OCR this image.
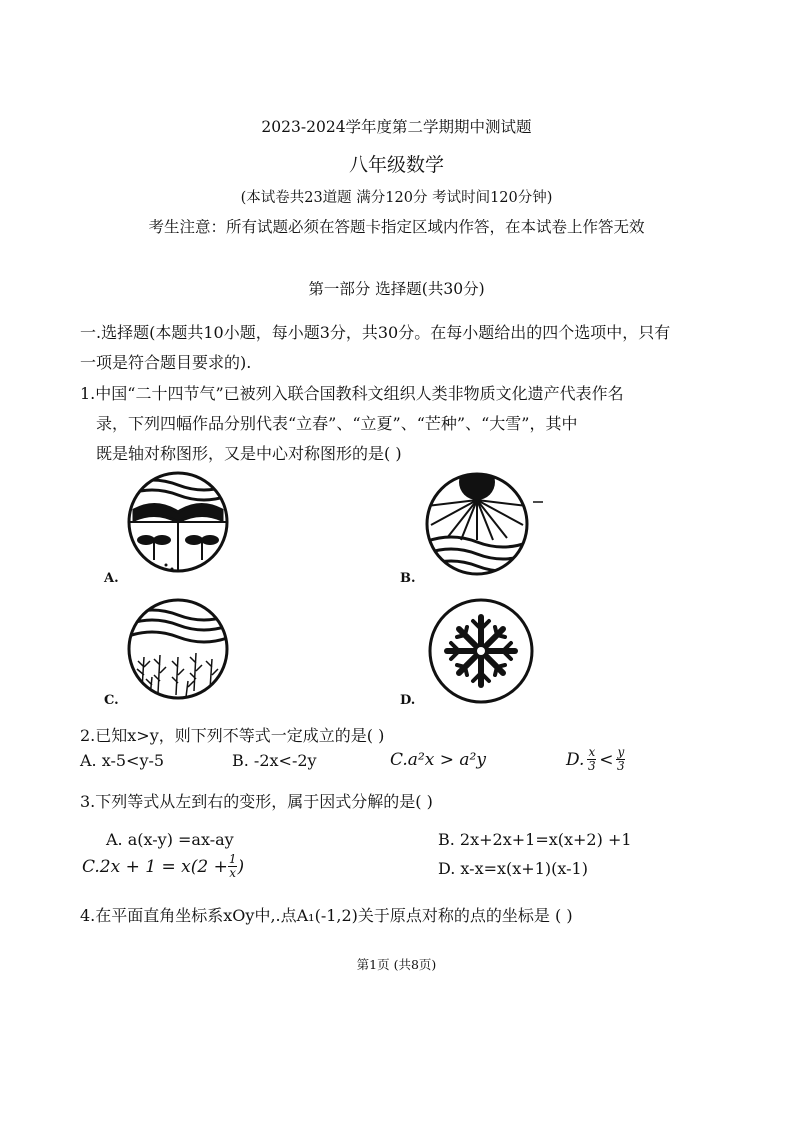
2023-2024学年度第二学期期中测试题
八年级数学
(本试卷共23道题 满分120分 考试时间120分钟)
考生注意：所有试题必须在答题卡指定区域内作答，在本试卷上作答无效
第一部分 选择题(共30分)
一.选择题(本题共10小题，每小题3分，共30分。在每小题给出的四个选项中，只有
一项是符合题目要求的).
1.中国“二十四节气”已被列入联合国教科文组织人类非物质文化遗产代表作名
录，下列四幅作品分别代表“立春”、“立夏”、“芒种”、“大雪”，其中
既是轴对称图形，又是中心对称图形的是( )
A.	B.
C.	D.
2.已知x>y，则下列不等式一定成立的是( )
A. x-5<y-5	B. -2x<-2y	C.a²x > a²y	D. $\frac{x}{3} < \frac{y}{3}$
3.下列等式从左到右的变形，属于因式分解的是( )
A. a(x-y) =ax-ay	B. 2x+2x+1=x(x+2) +1
$C.2x + 1 = x(2 + \frac{1}{x}$ )	D. x-x=x(x+1)(x-1)
4.在平面直角坐标系xOy中,.点A₁(-1,2)关于原点对称的点的坐标是 ( )
第1页 (共8页)
